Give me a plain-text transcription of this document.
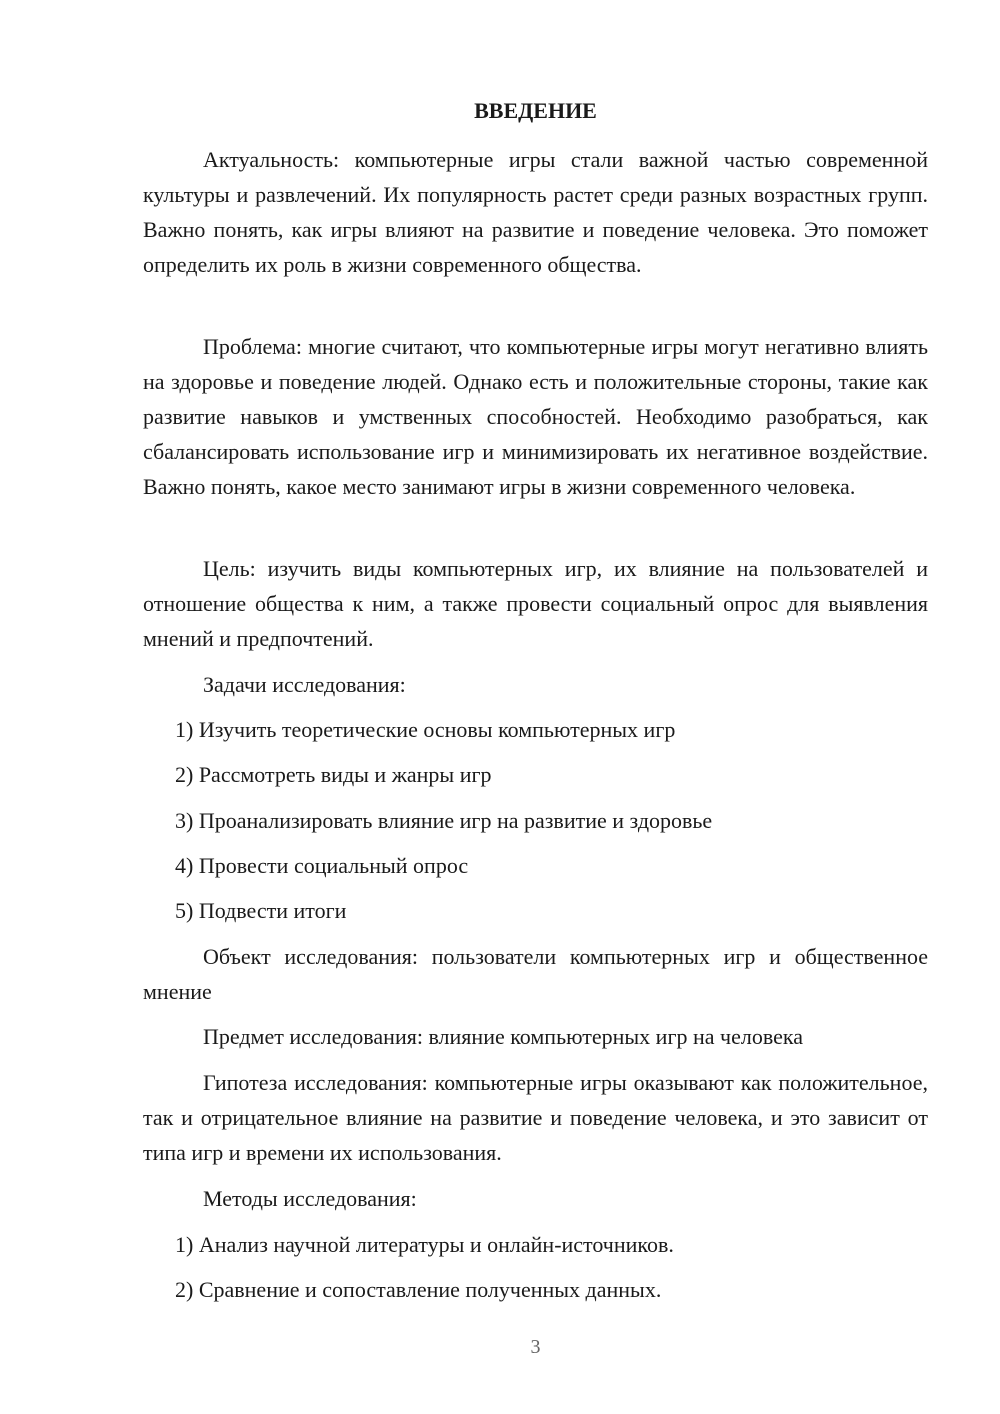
ВВЕДЕНИЕ

Актуальность: компьютерные игры стали важной частью современной культуры и развлечений. Их популярность растет среди разных возрастных групп. Важно понять, как игры влияют на развитие и поведение человека. Это поможет определить их роль в жизни современного общества.

Проблема: многие считают, что компьютерные игры могут негативно влиять на здоровье и поведение людей. Однако есть и положительные стороны, такие как развитие навыков и умственных способностей. Необходимо разобраться, как сбалансировать использование игр и минимизировать их негативное воздействие. Важно понять, какое место занимают игры в жизни современного человека.

Цель: изучить виды компьютерных игр, их влияние на пользователей и отношение общества к ним, а также провести социальный опрос для выявления мнений и предпочтений.

Задачи исследования:

1) Изучить теоретические основы компьютерных игр

2) Рассмотреть виды и жанры игр

3) Проанализировать влияние игр на развитие и здоровье

4) Провести социальный опрос

5) Подвести итоги

Объект исследования: пользователи компьютерных игр и общественное мнение

Предмет исследования: влияние компьютерных игр на человека

Гипотеза исследования: компьютерные игры оказывают как положительное, так и отрицательное влияние на развитие и поведение человека, и это зависит от типа игр и времени их использования.

Методы исследования:

1) Анализ научной литературы и онлайн-источников.

2) Сравнение и сопоставление полученных данных.

3
